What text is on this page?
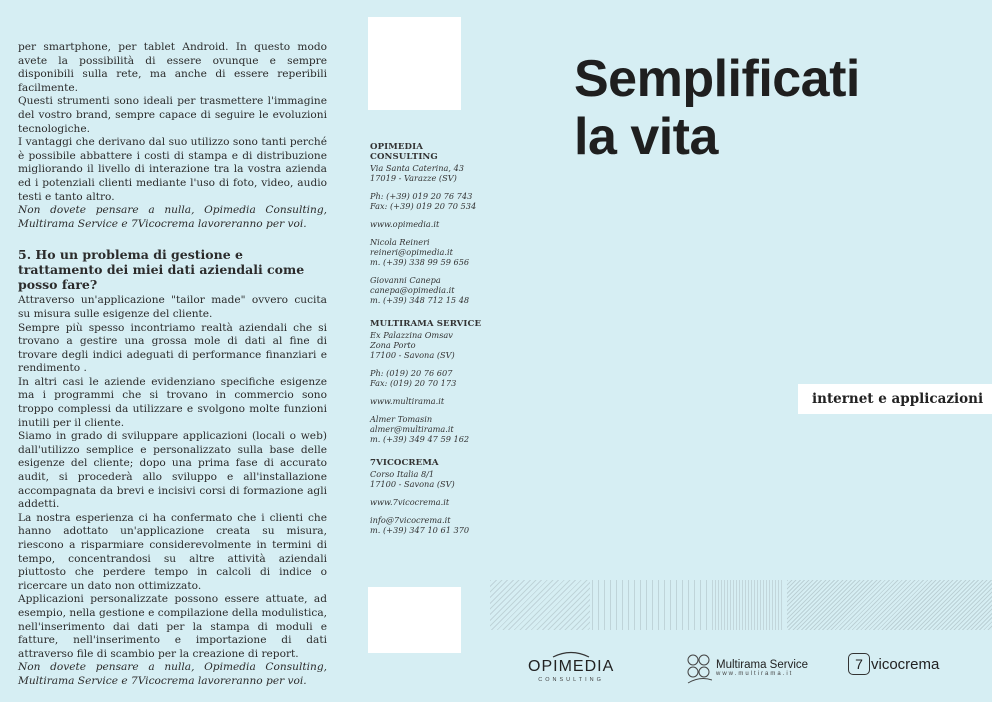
per smartphone, per tablet Android. In questo modo avete la possibilità di essere ovunque e sempre disponibili sulla rete, ma anche di essere reperibili facilmente.

Questi strumenti sono ideali per trasmettere l'immagine del vostro brand, sempre capace di seguire le evoluzioni tecnologiche.

I vantaggi che derivano dal suo utilizzo sono tanti perché è possibile abbattere i costi di stampa e di distribuzione migliorando il livello di interazione tra la vostra azienda ed i potenziali clienti mediante l'uso di foto, video, audio testi e tanto altro.

Non dovete pensare a nulla, Opimedia Consulting, Multirama Service e 7Vicocrema lavoreranno per voi.

5. Ho un problema di gestione e trattamento dei miei dati aziendali come posso fare?

Attraverso un'applicazione "tailor made" ovvero cucita su misura sulle esigenze del cliente.

Sempre più spesso incontriamo realtà aziendali che si trovano a gestire una grossa mole di dati al fine di trovare degli indici adeguati di performance finanziari e rendimento .

In altri casi le aziende evidenziano specifiche esigenze ma i programmi che si trovano in commercio sono troppo complessi da utilizzare e svolgono molte funzioni inutili per il cliente.

Siamo in grado di sviluppare applicazioni (locali o web) dall'utilizzo semplice e personalizzato sulla base delle esigenze del cliente; dopo una prima fase di accurato audit, si procederà allo sviluppo e all'installazione accompagnata da brevi e incisivi corsi di formazione agli addetti.

La nostra esperienza ci ha confermato che i clienti che hanno adottato un'applicazione creata su misura, riescono a risparmiare considerevolmente in termini di tempo, concentrandosi su altre attività aziendali piuttosto che perdere tempo in calcoli di indice o ricercare un dato non ottimizzato.

Applicazioni personalizzate possono essere attuate, ad esempio, nella gestione e compilazione della modulistica, nell'inserimento dai dati per la stampa di moduli e fatture, nell'inserimento e importazione di dati attraverso file di scambio per la creazione di report.

Non dovete pensare a nulla, Opimedia Consulting, Multirama Service e 7Vicocrema lavoreranno per voi.

OPIMEDIA CONSULTING
Via Santa Caterina, 43
17019 - Varazze (SV)
Ph: (+39) 019 20 76 743
Fax: (+39) 019 20 70 534
www.opimedia.it
Nicola Reineri
reineri@opimedia.it
m. (+39) 338 99 59 656
Giovanni Canepa
canepa@opimedia.it
m. (+39) 348 712 15 48
MULTIRAMA SERVICE
Ex Palazzina Omsav
Zona Porto
17100 - Savona (SV)
Ph: (019) 20 76 607
Fax: (019) 20 70 173
www.multirama.it
Almer Tomasin
almer@multirama.it
m. (+39) 349 47 59 162
7VICOCREMA
Corso Italia 8/1
17100 - Savona (SV)
www.7vicocrema.it
info@7vicocrema.it
m. (+39) 347 10 61 370
Semplificati
la vita
internet e applicazioni
OPIMEDIA
CONSULTING
Multirama Service
www.multirama.it
7 vicocrema
